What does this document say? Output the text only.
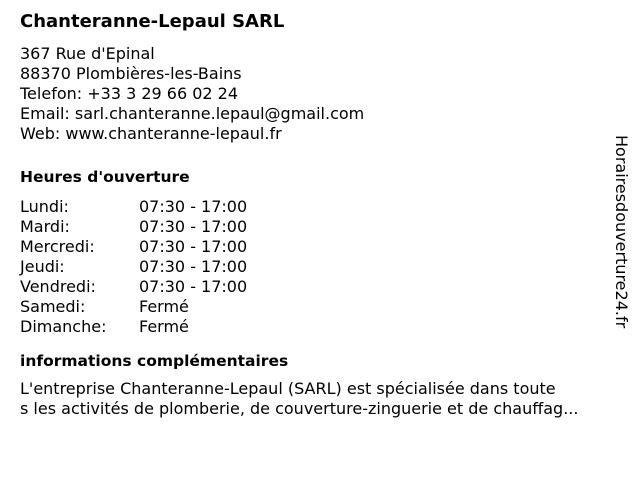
Chanteranne-Lepaul SARL
367 Rue d'Epinal
88370 Plombières-les-Bains
Telefon: +33 3 29 66 02 24
Email: sarl.chanteranne.lepaul@gmail.com
Web: www.chanteranne-lepaul.fr
Heures d'ouverture
Lundi:	07:30 - 17:00
Mardi:	07:30 - 17:00
Mercredi:	07:30 - 17:00
Jeudi:	07:30 - 17:00
Vendredi:	07:30 - 17:00
Samedi:	Fermé
Dimanche:	Fermé
informations complémentaires
L'entreprise Chanteranne-Lepaul (SARL) est spécialisée dans toute
s les activités de plomberie, de couverture-zinguerie et de chauffag...
Horairesdouverture24.fr
